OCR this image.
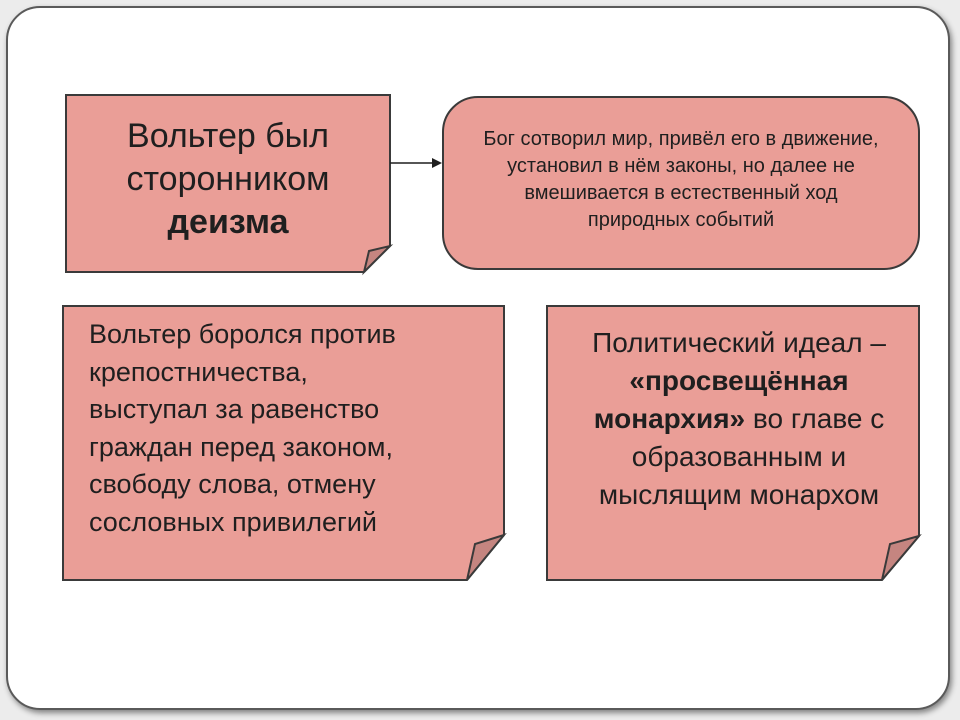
Вольтер был
сторонником
деизма
Бог сотворил мир, привёл его в движение, установил в нём законы, но далее не вмешивается в естественный ход природных событий
Вольтер боролся против
крепостничества,
выступал за равенство
граждан перед законом,
свободу слова, отмену
сословных привилегий
Политический идеал –
«просвещённая
монархия» во главе с
образованным и
мыслящим монархом
